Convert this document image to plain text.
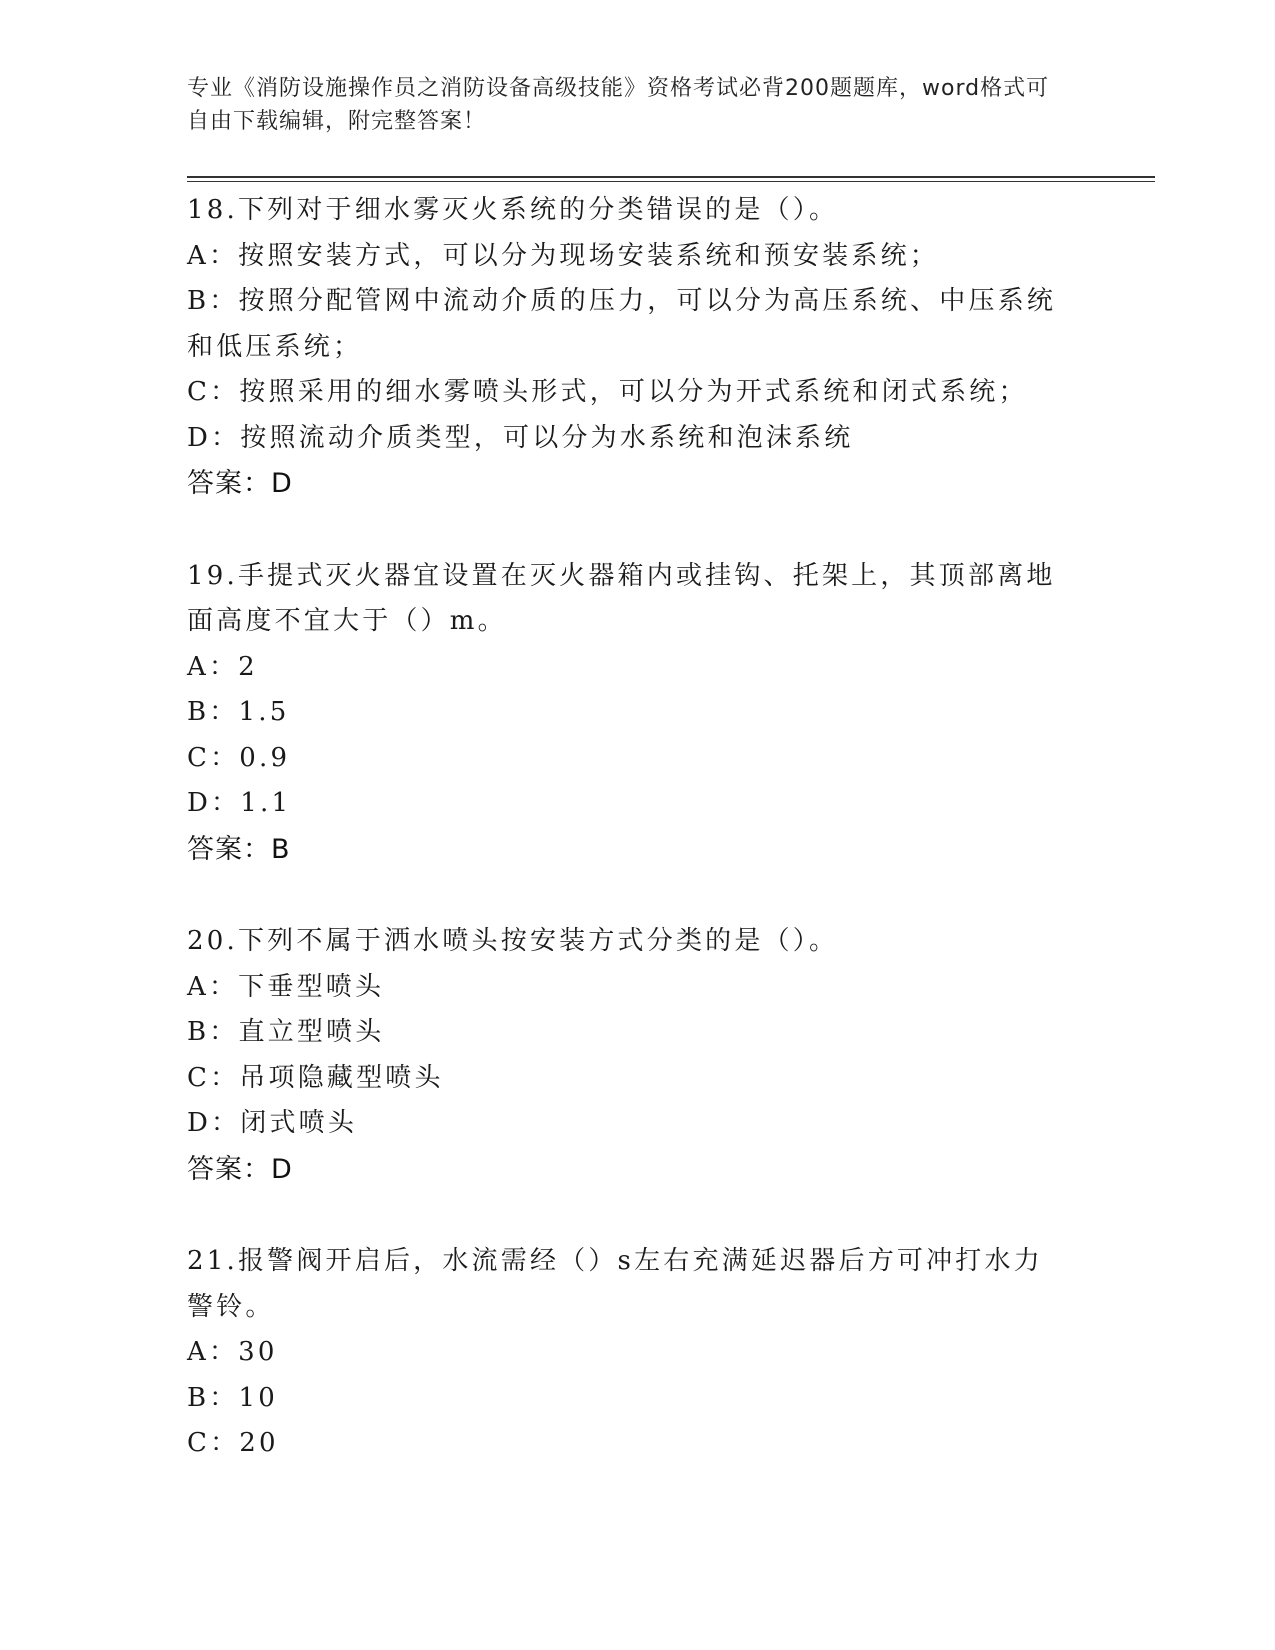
专业《消防设施操作员之消防设备高级技能》资格考试必背200题题库，word格式可自由下载编辑，附完整答案！
18.下列对于细水雾灭火系统的分类错误的是（）。
A：按照安装方式，可以分为现场安装系统和预安装系统；
B：按照分配管网中流动介质的压力，可以分为高压系统、中压系统和低压系统；
C：按照采用的细水雾喷头形式，可以分为开式系统和闭式系统；
D：按照流动介质类型，可以分为水系统和泡沫系统
答案：D
19.手提式灭火器宜设置在灭火器箱内或挂钩、托架上，其顶部离地面高度不宜大于（）m。
A：2
B：1.5
C：0.9
D：1.1
答案：B
20.下列不属于洒水喷头按安装方式分类的是（）。
A：下垂型喷头
B：直立型喷头
C：吊项隐藏型喷头
D：闭式喷头
答案：D
21.报警阀开启后，水流需经（）s左右充满延迟器后方可冲打水力警铃。
A：30
B：10
C：20
